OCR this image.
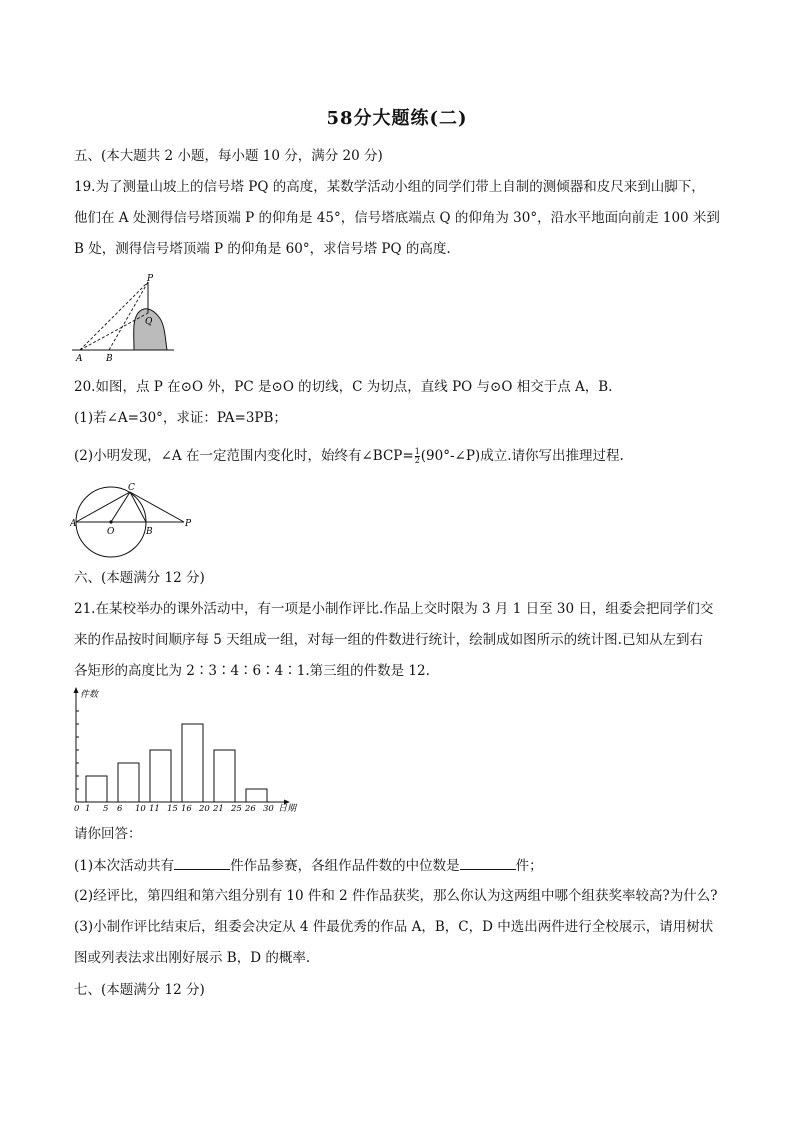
58分大题练(二)
五、(本大题共 2 小题，每小题 10 分，满分 20 分)
19.为了测量山坡上的信号塔 PQ 的高度，某数学活动小组的同学们带上自制的测倾器和皮尺来到山脚下，
他们在 A 处测得信号塔顶端 P 的仰角是 45°，信号塔底端点 Q 的仰角为 30°，沿水平地面向前走 100 米到
B 处，测得信号塔顶端 P 的仰角是 60°，求信号塔 PQ 的高度.
P
Q
A	B
20.如图，点 P 在⊙O 外，PC 是⊙O 的切线，C 为切点，直线 PO 与⊙O 相交于点 A，B.
(1)若∠A=30°，求证：PA=3PB；
(2)小明发现，∠A 在一定范围内变化时，始终有∠BCP= $\frac{1}{2}$ (90°-∠P)成立.请你写出推理过程.
C
A
O	B
P
六、(本题满分 12 分)
21.在某校举办的课外活动中，有一项是小制作评比.作品上交时限为 3 月 1 日至 30 日，组委会把同学们交
来的作品按时间顺序每 5 天组成一组，对每一组的件数进行统计，绘制成如图所示的统计图.已知从左到右
各矩形的高度比为 2∶3∶4∶6∶4∶1.第三组的件数是 12.
件数
日期
0 1 5 6 10 11 15 16 20 21 25 26 30
请你回答：
(1)本次活动共有	件作品参赛，各组作品件数的中位数是	件；
(2)经评比，第四组和第六组分别有 10 件和 2 件作品获奖，那么你认为这两组中哪个组获奖率较高?为什么?
(3)小制作评比结束后，组委会决定从 4 件最优秀的作品 A，B，C，D 中选出两件进行全校展示，请用树状
图或列表法求出刚好展示 B，D 的概率.
七、(本题满分 12 分)
